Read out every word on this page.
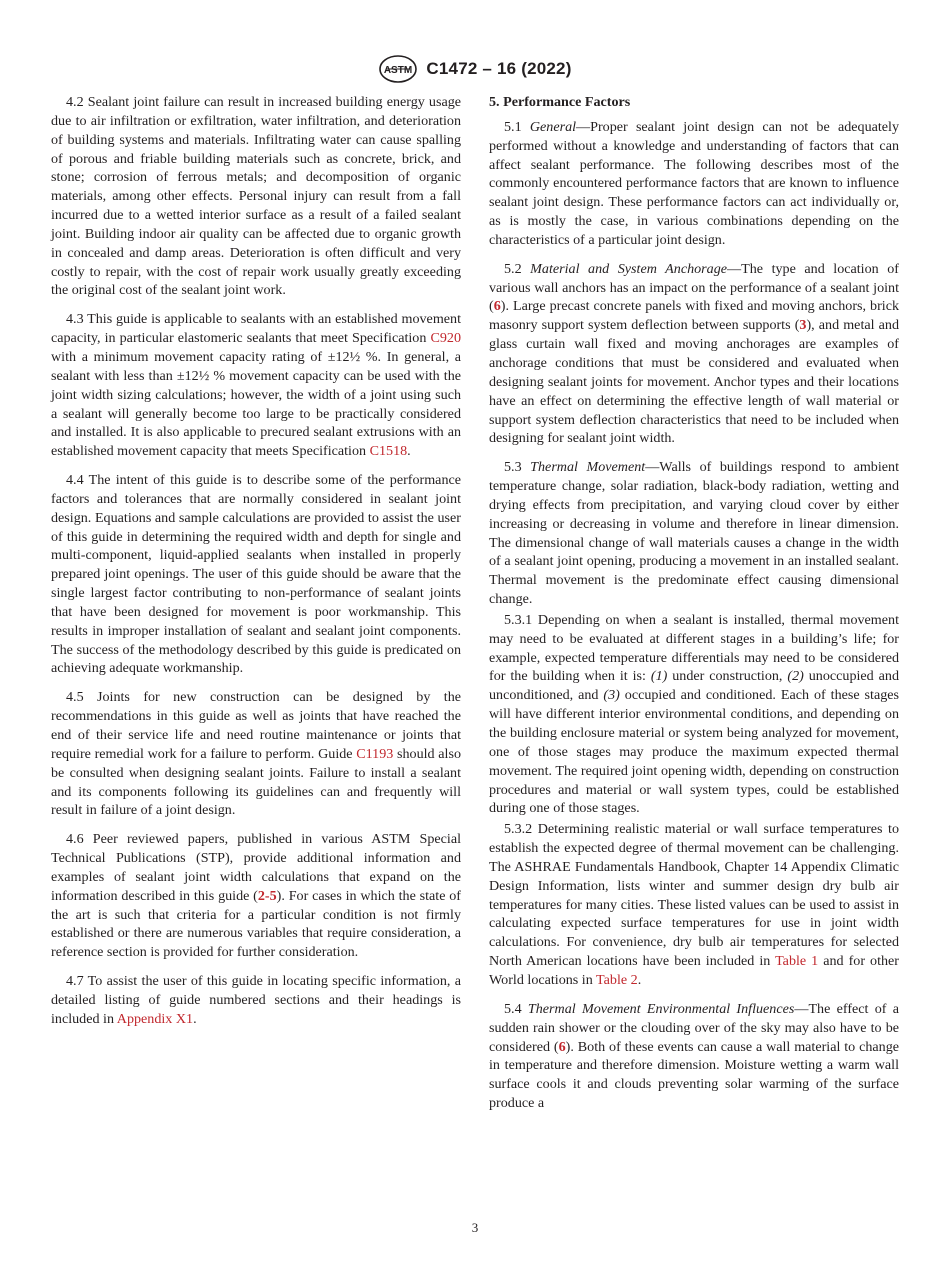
ASTM C1472 – 16 (2022)

4.2 Sealant joint failure can result in increased building energy usage due to air infiltration or exfiltration, water infiltration, and deterioration of building systems and materials. Infiltrating water can cause spalling of porous and friable building materials such as concrete, brick, and stone; corrosion of ferrous metals; and decomposition of organic materials, among other effects. Personal injury can result from a fall incurred due to a wetted interior surface as a result of a failed sealant joint. Building indoor air quality can be affected due to organic growth in concealed and damp areas. Deterioration is often difficult and very costly to repair, with the cost of repair work usually greatly exceeding the original cost of the sealant joint work.

4.3 This guide is applicable to sealants with an established movement capacity, in particular elastomeric sealants that meet Specification C920 with a minimum movement capacity rating of ±12½ %. In general, a sealant with less than ±12½ % movement capacity can be used with the joint width sizing calculations; however, the width of a joint using such a sealant will generally become too large to be practically considered and installed. It is also applicable to precured sealant extrusions with an established movement capacity that meets Specification C1518.

4.4 The intent of this guide is to describe some of the performance factors and tolerances that are normally considered in sealant joint design. Equations and sample calculations are provided to assist the user of this guide in determining the required width and depth for single and multi-component, liquid-applied sealants when installed in properly prepared joint openings. The user of this guide should be aware that the single largest factor contributing to non-performance of sealant joints that have been designed for movement is poor workmanship. This results in improper installation of sealant and sealant joint components. The success of the methodology described by this guide is predicated on achieving adequate workmanship.

4.5 Joints for new construction can be designed by the recommendations in this guide as well as joints that have reached the end of their service life and need routine maintenance or joints that require remedial work for a failure to perform. Guide C1193 should also be consulted when designing sealant joints. Failure to install a sealant and its components following its guidelines can and frequently will result in failure of a joint design.

4.6 Peer reviewed papers, published in various ASTM Special Technical Publications (STP), provide additional information and examples of sealant joint width calculations that expand on the information described in this guide (2-5). For cases in which the state of the art is such that criteria for a particular condition is not firmly established or there are numerous variables that require consideration, a reference section is provided for further consideration.

4.7 To assist the user of this guide in locating specific information, a detailed listing of guide numbered sections and their headings is included in Appendix X1.

5. Performance Factors

5.1 General—Proper sealant joint design can not be adequately performed without a knowledge and understanding of factors that can affect sealant performance. The following describes most of the commonly encountered performance factors that are known to influence sealant joint design. These performance factors can act individually or, as is mostly the case, in various combinations depending on the characteristics of a particular joint design.

5.2 Material and System Anchorage—The type and location of various wall anchors has an impact on the performance of a sealant joint (6). Large precast concrete panels with fixed and moving anchors, brick masonry support system deflection between supports (3), and metal and glass curtain wall fixed and moving anchorages are examples of anchorage conditions that must be considered and evaluated when designing sealant joints for movement. Anchor types and their locations have an effect on determining the effective length of wall material or support system deflection characteristics that need to be included when designing for sealant joint width.

5.3 Thermal Movement—Walls of buildings respond to ambient temperature change, solar radiation, black-body radiation, wetting and drying effects from precipitation, and varying cloud cover by either increasing or decreasing in volume and therefore in linear dimension. The dimensional change of wall materials causes a change in the width of a sealant joint opening, producing a movement in an installed sealant. Thermal movement is the predominate effect causing dimensional change.

5.3.1 Depending on when a sealant is installed, thermal movement may need to be evaluated at different stages in a building’s life; for example, expected temperature differentials may need to be considered for the building when it is: (1) under construction, (2) unoccupied and unconditioned, and (3) occupied and conditioned. Each of these stages will have different interior environmental conditions, and depending on the building enclosure material or system being analyzed for movement, one of those stages may produce the maximum expected thermal movement. The required joint opening width, depending on construction procedures and material or wall system types, could be established during one of those stages.

5.3.2 Determining realistic material or wall surface temperatures to establish the expected degree of thermal movement can be challenging. The ASHRAE Fundamentals Handbook, Chapter 14 Appendix Climatic Design Information, lists winter and summer design dry bulb air temperatures for many cities. These listed values can be used to assist in calculating expected surface temperatures for use in joint width calculations. For convenience, dry bulb air temperatures for selected North American locations have been included in Table 1 and for other World locations in Table 2.

5.4 Thermal Movement Environmental Influences—The effect of a sudden rain shower or the clouding over of the sky may also have to be considered (6). Both of these events can cause a wall material to change in temperature and therefore dimension. Moisture wetting a warm wall surface cools it and clouds preventing solar warming of the surface produce a

3
